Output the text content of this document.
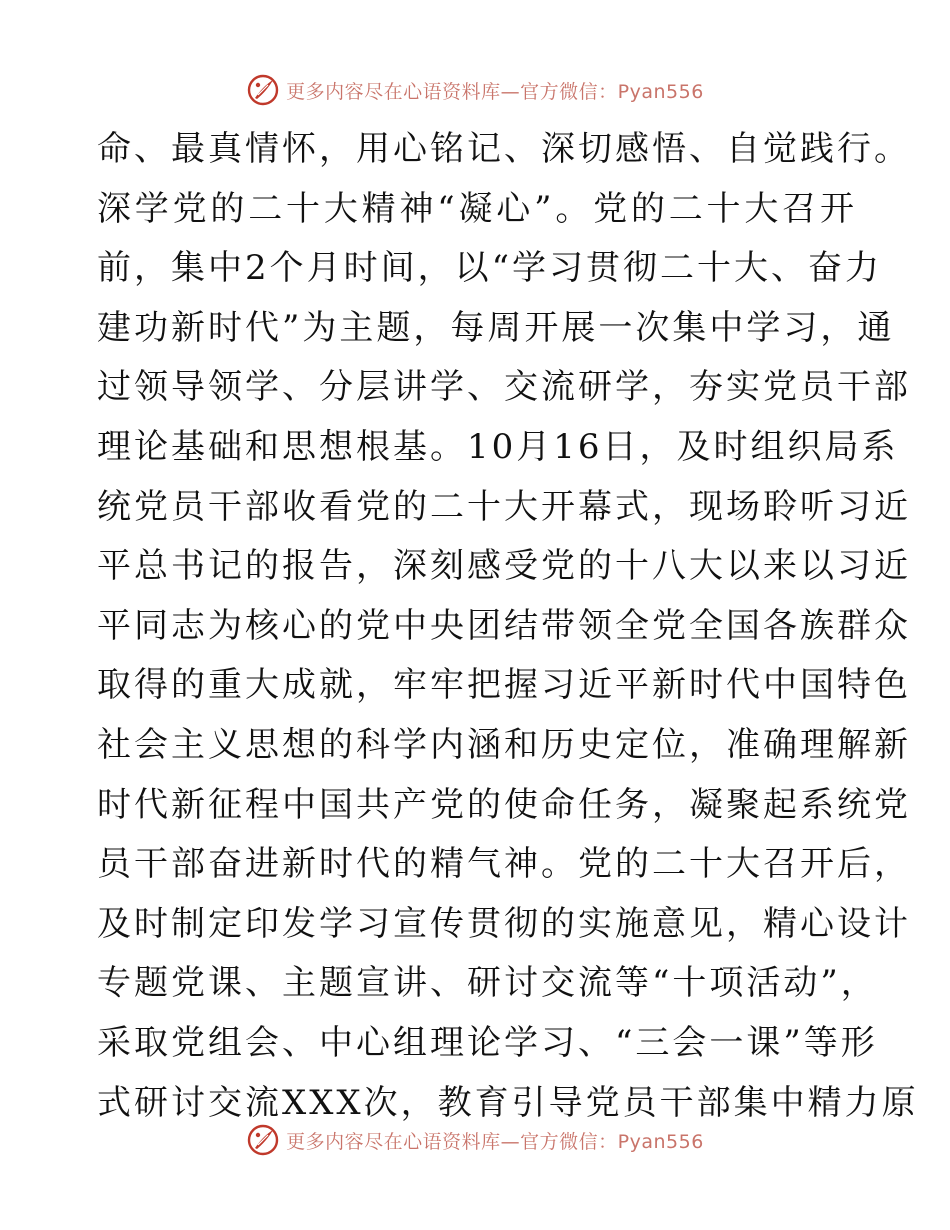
更多内容尽在心语资料库—官方微信：Pyan556
命、最真情怀，用心铭记、深切感悟、自觉践行。
深学党的二十大精神“凝心”。党的二十大召开
前，集中2个月时间，以“学习贯彻二十大、奋力
建功新时代”为主题，每周开展一次集中学习，通
过领导领学、分层讲学、交流研学，夯实党员干部
理论基础和思想根基。10月16日，及时组织局系
统党员干部收看党的二十大开幕式，现场聆听习近
平总书记的报告，深刻感受党的十八大以来以习近
平同志为核心的党中央团结带领全党全国各族群众
取得的重大成就，牢牢把握习近平新时代中国特色
社会主义思想的科学内涵和历史定位，准确理解新
时代新征程中国共产党的使命任务，凝聚起系统党
员干部奋进新时代的精气神。党的二十大召开后，
及时制定印发学习宣传贯彻的实施意见，精心设计
专题党课、主题宣讲、研讨交流等“十项活动”，
采取党组会、中心组理论学习、“三会一课”等形
式研讨交流XXX次，教育引导党员干部集中精力原
更多内容尽在心语资料库—官方微信：Pyan556
